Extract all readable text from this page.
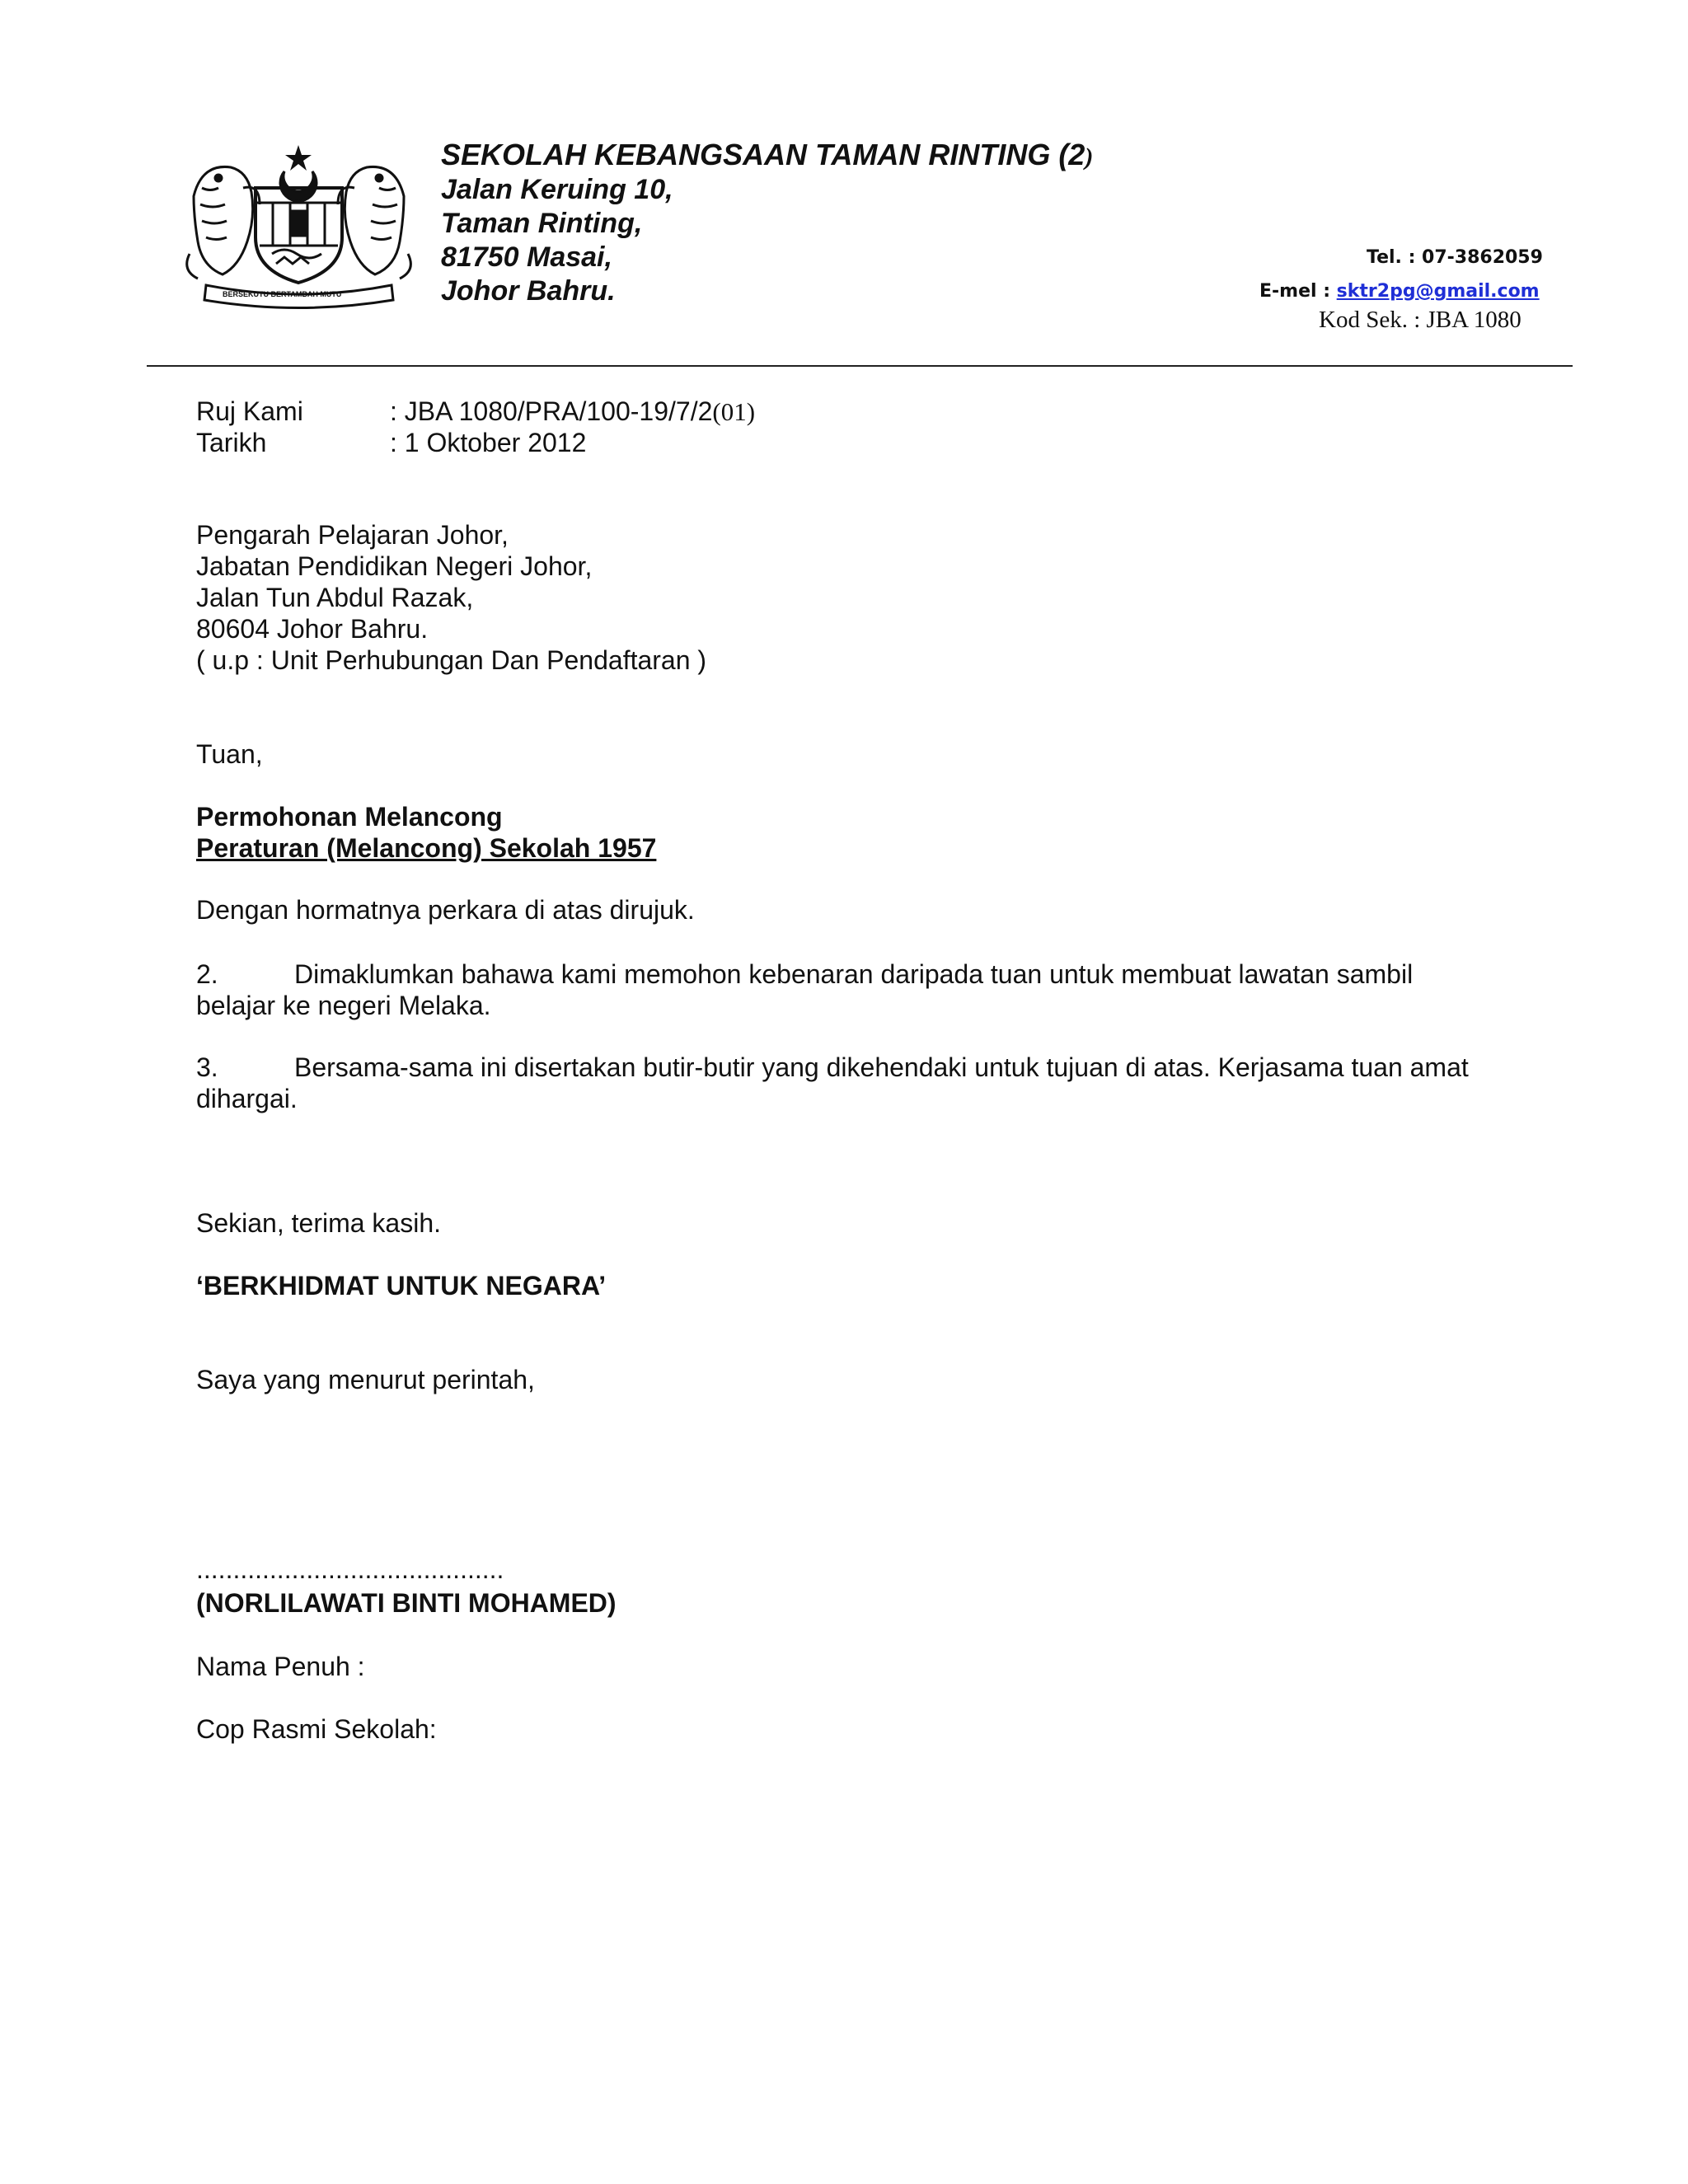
BERSEKUTU BERTAMBAH MUTU
SEKOLAH KEBANGSAAN TAMAN RINTING (2)
Jalan Keruing 10,
Taman Rinting,
81750 Masai,
Johor Bahru.
Tel. : 07-3862059
E-mel : sktr2pg@gmail.com
Kod Sek. : JBA 1080
Ruj Kami	: JBA 1080/PRA/100-19/7/2(01)
Tarikh	: 1 Oktober 2012
Pengarah Pelajaran Johor,
Jabatan Pendidikan Negeri Johor,
Jalan Tun Abdul Razak,
80604 Johor Bahru.
( u.p : Unit Perhubungan Dan Pendaftaran )
Tuan,
Permohonan Melancong
Peraturan (Melancong) Sekolah 1957
Dengan hormatnya perkara di atas dirujuk.
2.	Dimaklumkan bahawa kami memohon kebenaran daripada tuan untuk membuat lawatan sambil
belajar ke negeri Melaka.
3.	Bersama-sama ini disertakan butir-butir yang dikehendaki untuk tujuan di atas. Kerjasama tuan amat
dihargai.
Sekian, terima kasih.
‘BERKHIDMAT UNTUK NEGARA’
Saya yang menurut perintah,
..........................................
(NORLILAWATI BINTI MOHAMED)
Nama Penuh :
Cop Rasmi Sekolah:
